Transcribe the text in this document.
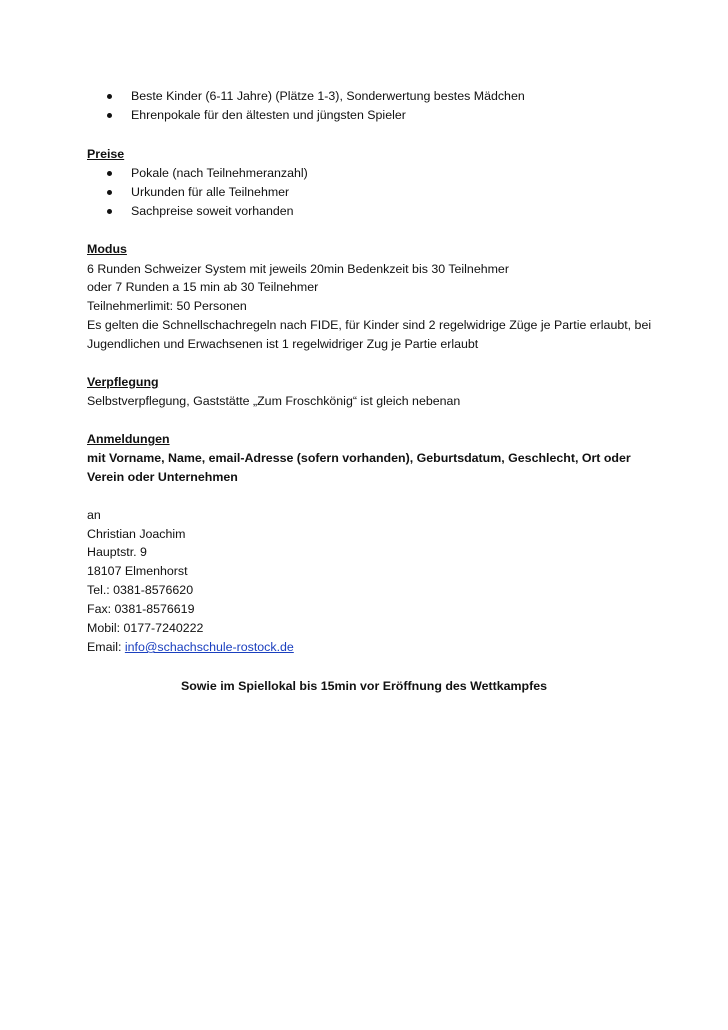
Beste Kinder (6-11 Jahre) (Plätze 1-3), Sonderwertung bestes Mädchen
Ehrenpokale für den ältesten und jüngsten Spieler
Preise
Pokale (nach Teilnehmeranzahl)
Urkunden für alle Teilnehmer
Sachpreise soweit vorhanden
Modus
6 Runden Schweizer System mit jeweils 20min Bedenkzeit bis 30 Teilnehmer
oder 7 Runden a 15 min ab 30 Teilnehmer
Teilnehmerlimit: 50 Personen
Es gelten die Schnellschachregeln nach FIDE, für Kinder sind 2 regelwidrige Züge je Partie erlaubt, bei
Jugendlichen und Erwachsenen ist 1 regelwidriger Zug je Partie erlaubt
Verpflegung
Selbstverpflegung, Gaststätte „Zum Froschkönig“ ist gleich nebenan
Anmeldungen
mit Vorname, Name, email-Adresse (sofern vorhanden), Geburtsdatum, Geschlecht, Ort oder
Verein oder Unternehmen
an
Christian Joachim
Hauptstr. 9
18107 Elmenhorst
Tel.: 0381-8576620
Fax: 0381-8576619
Mobil: 0177-7240222
Email: info@schachschule-rostock.de
Sowie im Spiellokal bis 15min vor Eröffnung des Wettkampfes
